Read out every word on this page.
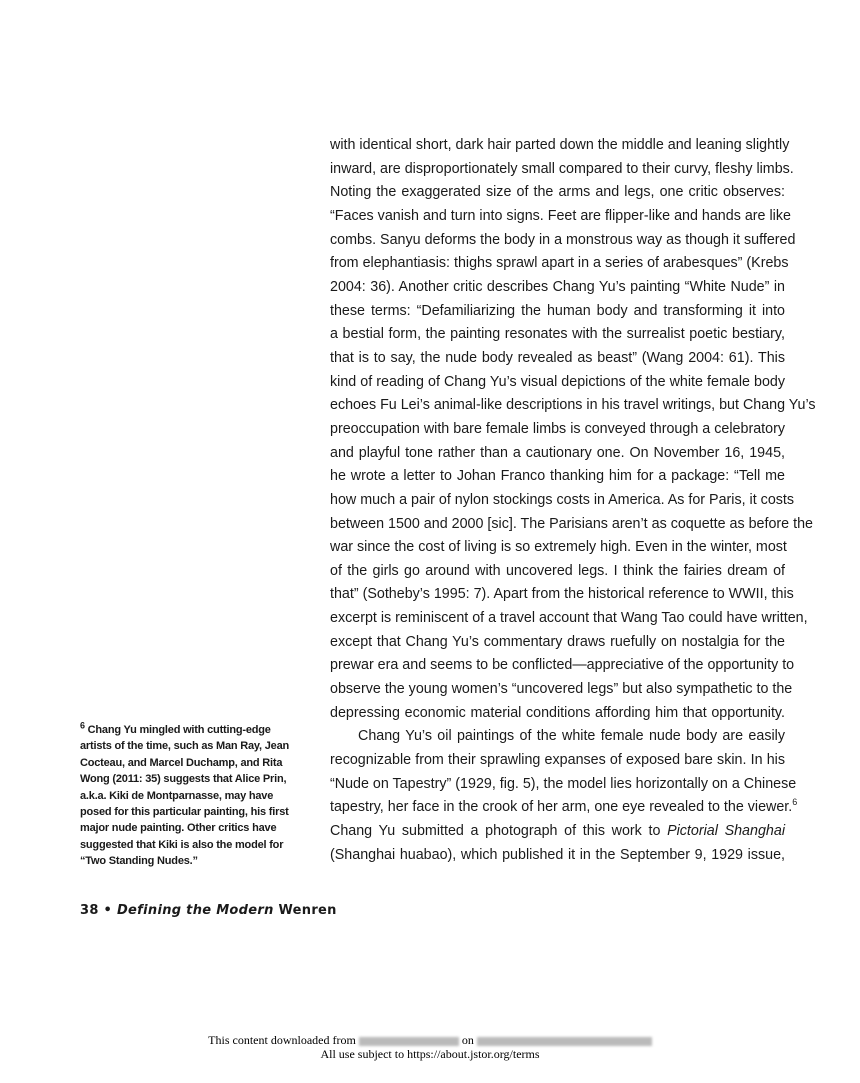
with identical short, dark hair parted down the middle and leaning slightly
inward, are disproportionately small compared to their curvy, fleshy limbs.
Noting the exaggerated size of the arms and legs, one critic observes:
“Faces vanish and turn into signs. Feet are flipper-like and hands are like
combs. Sanyu deforms the body in a monstrous way as though it suffered
from elephantiasis: thighs sprawl apart in a series of arabesques” (Krebs
2004: 36). Another critic describes Chang Yu’s painting “White Nude” in
these terms: “Defamiliarizing the human body and transforming it into
a bestial form, the painting resonates with the surrealist poetic bestiary,
that is to say, the nude body revealed as beast” (Wang 2004: 61). This
kind of reading of Chang Yu’s visual depictions of the white female body
echoes Fu Lei’s animal-like descriptions in his travel writings, but Chang Yu’s
preoccupation with bare female limbs is conveyed through a celebratory
and playful tone rather than a cautionary one. On November 16, 1945,
he wrote a letter to Johan Franco thanking him for a package: “Tell me
how much a pair of nylon stockings costs in America. As for Paris, it costs
between 1500 and 2000 [sic]. The Parisians aren’t as coquette as before the
war since the cost of living is so extremely high. Even in the winter, most
of the girls go around with uncovered legs. I think the fairies dream of
that” (Sotheby’s 1995: 7). Apart from the historical reference to WWII, this
excerpt is reminiscent of a travel account that Wang Tao could have written,
except that Chang Yu’s commentary draws ruefully on nostalgia for the
prewar era and seems to be conflicted—appreciative of the opportunity to
observe the young women’s “uncovered legs” but also sympathetic to the
depressing economic material conditions affording him that opportunity.
Chang Yu’s oil paintings of the white female nude body are easily
recognizable from their sprawling expanses of exposed bare skin. In his
“Nude on Tapestry” (1929, fig. 5), the model lies horizontally on a Chinese
tapestry, her face in the crook of her arm, one eye revealed to the viewer.$^6$
Chang Yu submitted a photograph of this work to Pictorial Shanghai
(Shanghai huabao), which published it in the September 9, 1929 issue,
$^6$ Chang Yu mingled with cutting-edge artists of the time, such as Man Ray, Jean Cocteau, and Marcel Duchamp, and Rita Wong (2011: 35) suggests that Alice Prin, a.k.a. Kiki de Montparnasse, may have posed for this particular painting, his first major nude painting. Other critics have suggested that Kiki is also the model for “Two Standing Nudes.”
38 • Defining the Modern Wenren
This content downloaded from	on
All use subject to https://about.jstor.org/terms
